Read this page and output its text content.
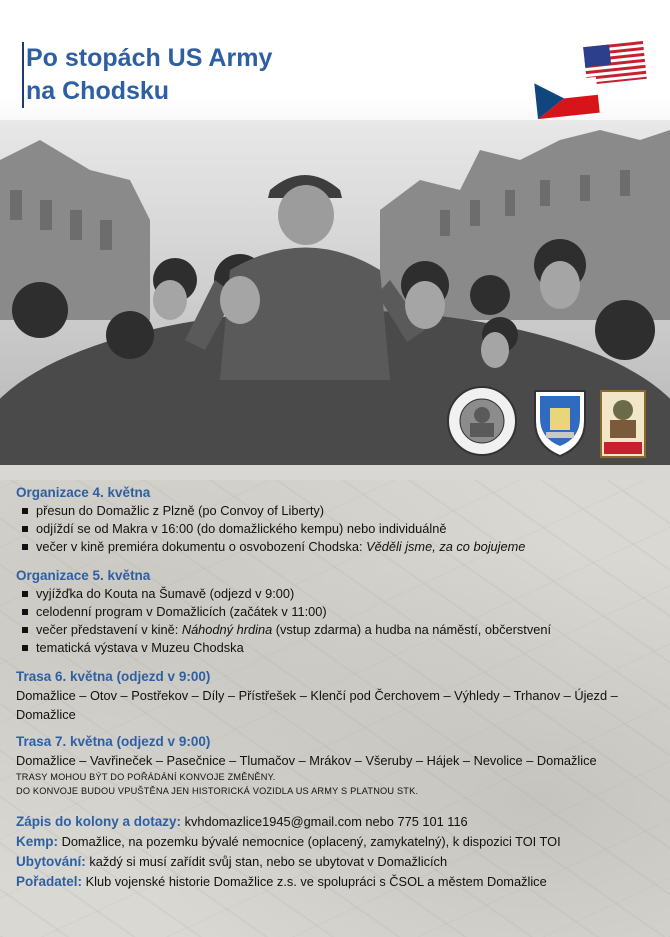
Po stopách US Army
na Chodsku

Organizace 4. května

přesun do Domažlic z Plzně (po Convoy of Liberty)
odjíždí se od Makra v 16:00 (do domažlického kempu) nebo individuálně
večer v kině premiéra dokumentu o osvobození Chodska: Věděli jsme, za co bojujeme

Organizace 5. května

vyjížďka do Kouta na Šumavě (odjezd v 9:00)
celodenní program v Domažlicích (začátek v 11:00)
večer představení v kině: Náhodný hrdina (vstup zdarma) a hudba na náměstí, občerstvení
tematická výstava v Muzeu Chodska

Trasa 6. května (odjezd v 9:00)

Domažlice – Otov – Postřekov – Díly – Přístřešek – Klenčí pod Čerchovem – Výhledy – Trhanov – Újezd – Domažlice

Trasa 7. května (odjezd v 9:00)

Domažlice – Vavřineček – Pasečnice – Tlumačov – Mrákov – Všeruby – Hájek – Nevolice – Domažlice

TRASY MOHOU BÝT DO POŘÁDÁNÍ KONVOJE ZMĚNĚNY.

DO KONVOJE BUDOU VPUŠTĚNA JEN HISTORICKÁ VOZIDLA US ARMY S PLATNOU STK.

Zápis do kolony a dotazy: kvhdomazlice1945@gmail.com nebo 775 101 116

Kemp: Domažlice, na pozemku bývalé nemocnice (oplacený, zamykatelný), k dispozici TOI TOI

Ubytování: každý si musí zařídit svůj stan, nebo se ubytovat v Domažlicích

Pořadatel: Klub vojenské historie Domažlice z.s. ve spolupráci s ČSOL a městem Domažlice
